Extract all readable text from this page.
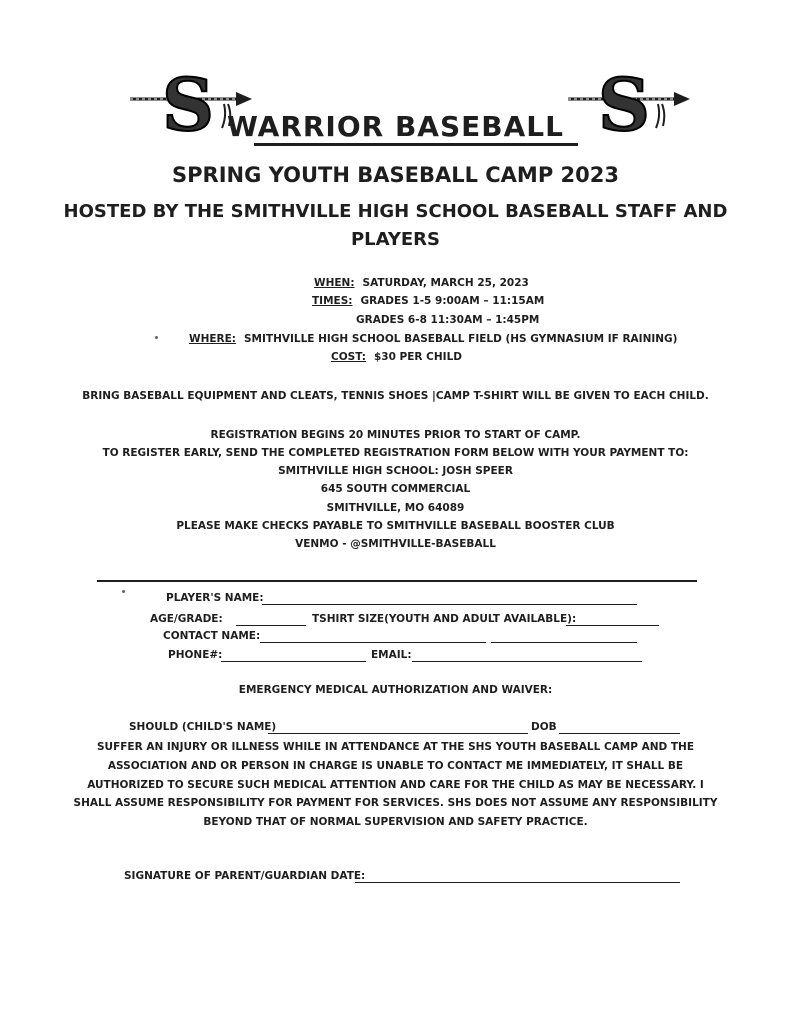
S	S
WARRIOR BASEBALL
SPRING YOUTH BASEBALL CAMP 2023
HOSTED BY THE SMITHVILLE HIGH SCHOOL BASEBALL STAFF AND
PLAYERS
WHEN: SATURDAY, MARCH 25, 2023
TIMES: GRADES 1-5 9:00AM – 11:15AM
GRADES 6-8 11:30AM – 1:45PM
WHERE: SMITHVILLE HIGH SCHOOL BASEBALL FIELD (HS GYMNASIUM IF RAINING)
COST: $30 PER CHILD
BRING BASEBALL EQUIPMENT AND CLEATS, TENNIS SHOES |CAMP T-SHIRT WILL BE GIVEN TO EACH CHILD.
REGISTRATION BEGINS 20 MINUTES PRIOR TO START OF CAMP.
TO REGISTER EARLY, SEND THE COMPLETED REGISTRATION FORM BELOW WITH YOUR PAYMENT TO:
SMITHVILLE HIGH SCHOOL: JOSH SPEER
645 SOUTH COMMERCIAL
SMITHVILLE, MO 64089
PLEASE MAKE CHECKS PAYABLE TO SMITHVILLE BASEBALL BOOSTER CLUB
VENMO - @SMITHVILLE-BASEBALL
PLAYER'S NAME:
AGE/GRADE:	TSHIRT SIZE(YOUTH AND ADULT AVAILABLE):
CONTACT NAME:
PHONE#:	EMAIL:
EMERGENCY MEDICAL AUTHORIZATION AND WAIVER:
SHOULD (CHILD'S NAME)	DOB
SUFFER AN INJURY OR ILLNESS WHILE IN ATTENDANCE AT THE SHS YOUTH BASEBALL CAMP AND THE
ASSOCIATION AND OR PERSON IN CHARGE IS UNABLE TO CONTACT ME IMMEDIATELY, IT SHALL BE
AUTHORIZED TO SECURE SUCH MEDICAL ATTENTION AND CARE FOR THE CHILD AS MAY BE NECESSARY. I
SHALL ASSUME RESPONSIBILITY FOR PAYMENT FOR SERVICES. SHS DOES NOT ASSUME ANY RESPONSIBILITY
BEYOND THAT OF NORMAL SUPERVISION AND SAFETY PRACTICE.
SIGNATURE OF PARENT/GUARDIAN DATE:
